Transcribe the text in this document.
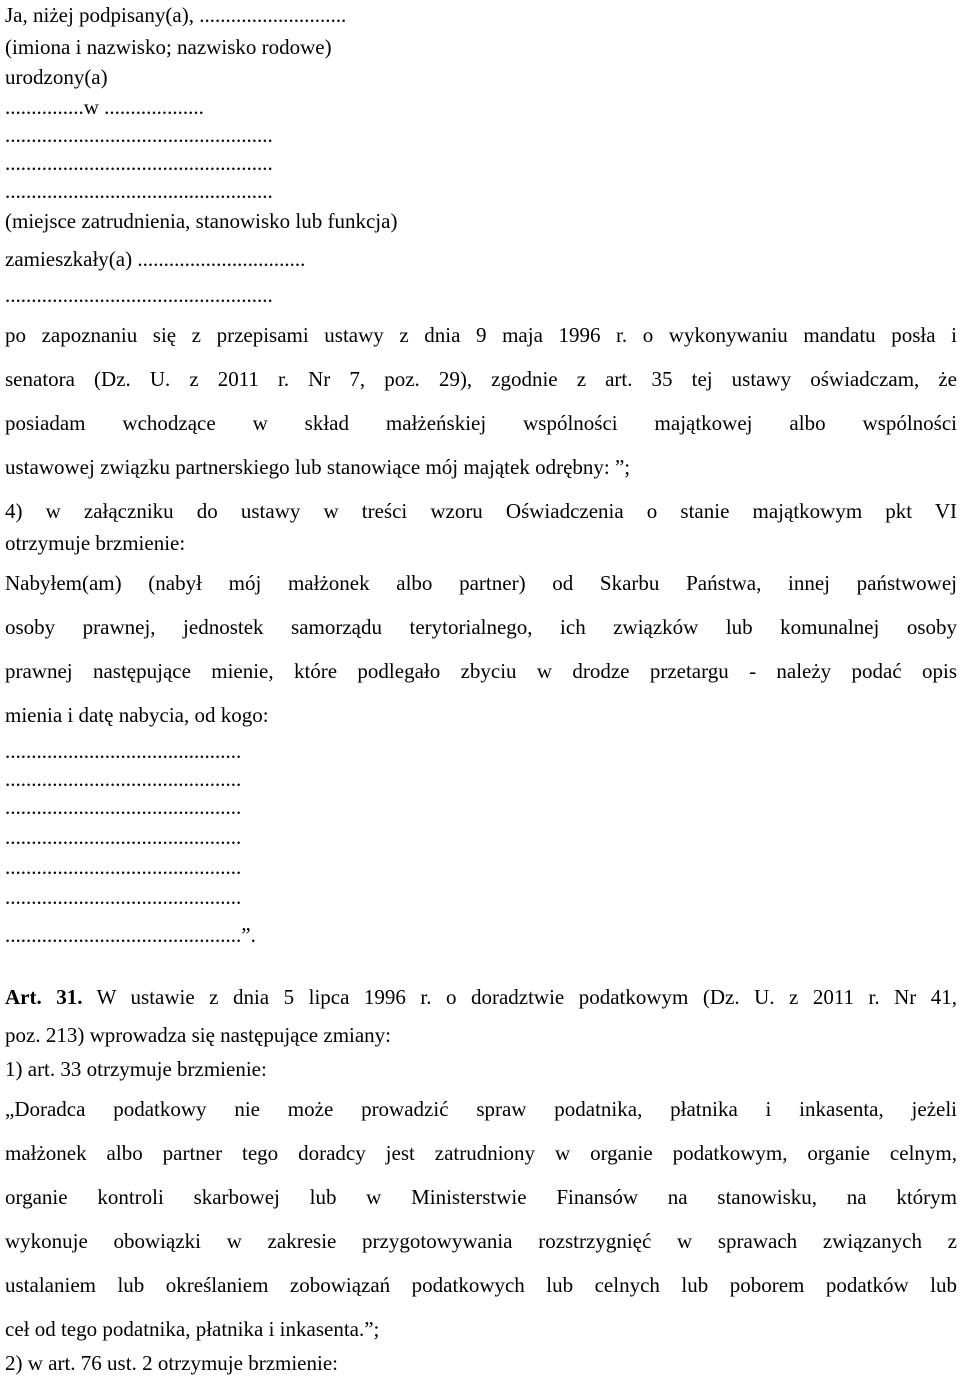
Ja, niżej podpisany(a), ............................

(imiona i nazwisko; nazwisko rodowe)

urodzony(a)

...............w ...................

...................................................

...................................................

...................................................

(miejsce zatrudnienia, stanowisko lub funkcja)

zamieszkały(a) ................................

...................................................

po zapoznaniu się z przepisami ustawy z dnia 9 maja 1996 r. o wykonywaniu mandatu posła i

senatora (Dz. U. z 2011 r. Nr 7, poz. 29), zgodnie z art. 35 tej ustawy oświadczam, że

posiadam wchodzące w skład małżeńskiej wspólności majątkowej albo wspólności

ustawowej związku partnerskiego lub stanowiące mój majątek odrębny: ”;

4) w załączniku do ustawy w treści wzoru Oświadczenia o stanie majątkowym pkt VI

otrzymuje brzmienie:

Nabyłem(am) (nabył mój małżonek albo partner) od Skarbu Państwa, innej państwowej

osoby prawnej, jednostek samorządu terytorialnego, ich związków lub komunalnej osoby

prawnej następujące mienie, które podlegało zbyciu w drodze przetargu - należy podać opis

mienia i datę nabycia, od kogo:

.............................................

.............................................

.............................................

.............................................

.............................................

.............................................

.............................................”.

Art. 31. W ustawie z dnia 5 lipca 1996 r. o doradztwie podatkowym (Dz. U. z 2011 r. Nr 41,

poz. 213) wprowadza się następujące zmiany:

1) art. 33 otrzymuje brzmienie:

„Doradca podatkowy nie może prowadzić spraw podatnika, płatnika i inkasenta, jeżeli

małżonek albo partner tego doradcy jest zatrudniony w organie podatkowym, organie celnym,

organie kontroli skarbowej lub w Ministerstwie Finansów na stanowisku, na którym

wykonuje obowiązki w zakresie przygotowywania rozstrzygnięć w sprawach związanych z

ustalaniem lub określaniem zobowiązań podatkowych lub celnych lub poborem podatków lub

ceł od tego podatnika, płatnika i inkasenta.”;

2) w art. 76 ust. 2 otrzymuje brzmienie:
